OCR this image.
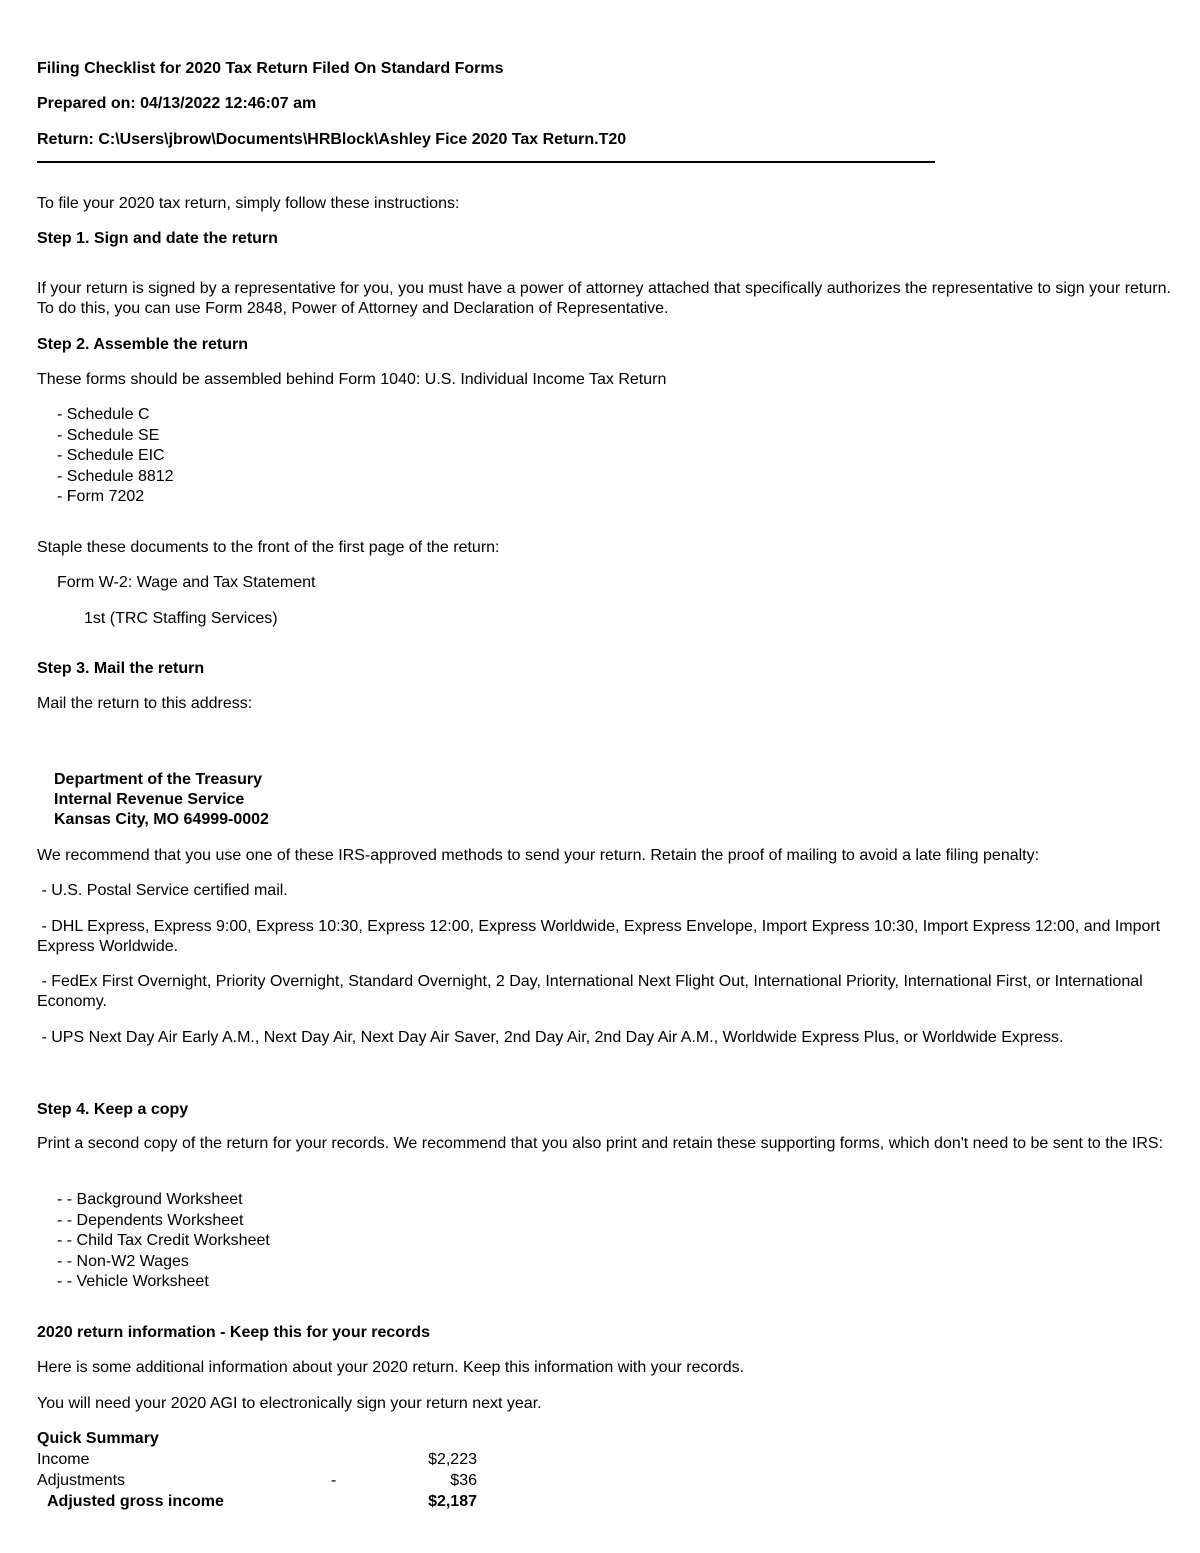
Filing Checklist for 2020 Tax Return Filed On Standard Forms
Prepared on: 04/13/2022 12:46:07 am
Return: C:\Users\jbrow\Documents\HRBlock\Ashley Fice 2020 Tax Return.T20

To file your 2020 tax return, simply follow these instructions:

Step 1. Sign and date the return

If your return is signed by a representative for you, you must have a power of attorney attached that specifically authorizes the representative to sign your return. To do this, you can use Form 2848, Power of Attorney and Declaration of Representative.

Step 2. Assemble the return

These forms should be assembled behind Form 1040: U.S. Individual Income Tax Return

- Schedule C
- Schedule SE
- Schedule EIC
- Schedule 8812
- Form 7202

Staple these documents to the front of the first page of the return:

Form W-2: Wage and Tax Statement

1st (TRC Staffing Services)

Step 3. Mail the return

Mail the return to this address:

Department of the Treasury
Internal Revenue Service
Kansas City, MO 64999-0002

We recommend that you use one of these IRS-approved methods to send your return. Retain the proof of mailing to avoid a late filing penalty:

- U.S. Postal Service certified mail.

- DHL Express, Express 9:00, Express 10:30, Express 12:00, Express Worldwide, Express Envelope, Import Express 10:30, Import Express 12:00, and Import Express Worldwide.

- FedEx First Overnight, Priority Overnight, Standard Overnight, 2 Day, International Next Flight Out, International Priority, International First, or International Economy.

- UPS Next Day Air Early A.M., Next Day Air, Next Day Air Saver, 2nd Day Air, 2nd Day Air A.M., Worldwide Express Plus, or Worldwide Express.

Step 4. Keep a copy

Print a second copy of the return for your records. We recommend that you also print and retain these supporting forms, which don't need to be sent to the IRS:

- - Background Worksheet
- - Dependents Worksheet
- - Child Tax Credit Worksheet
- - Non-W2 Wages
- - Vehicle Worksheet

2020 return information - Keep this for your records

Here is some additional information about your 2020 return. Keep this information with your records.

You will need your 2020 AGI to electronically sign your return next year.

Quick Summary
Income	$2,223
Adjustments	-	$36
Adjusted gross income	$2,187
